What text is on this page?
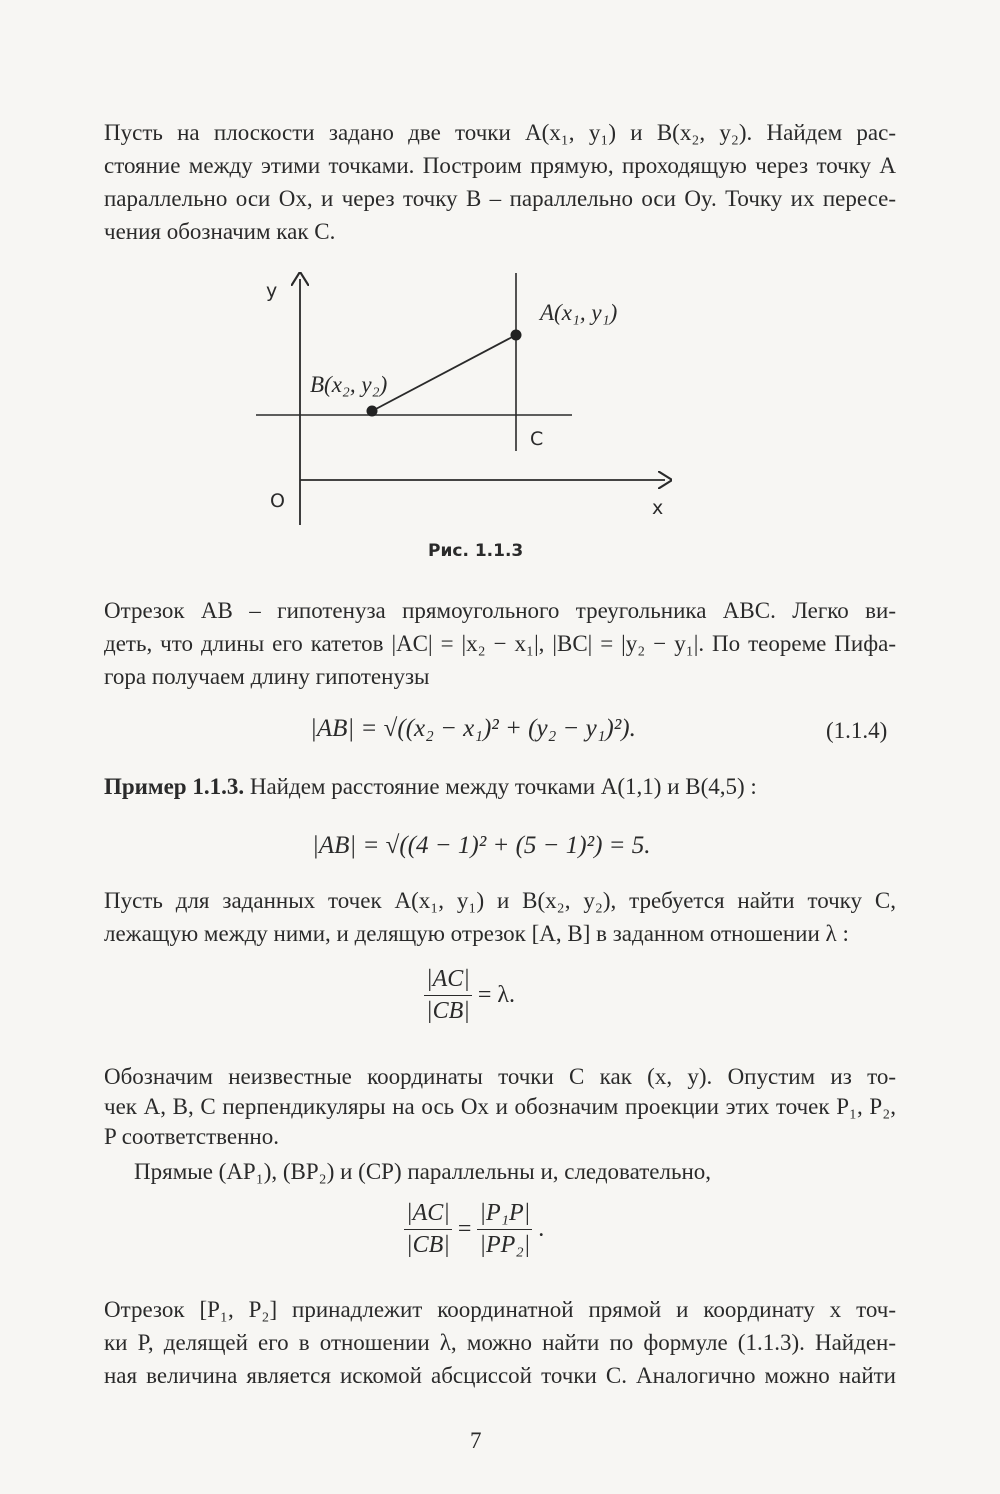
Пусть на плоскости задано две точки A(x₁, y₁) и B(x₂, y₂). Найдем рас-
стояние между этими точками. Построим прямую, проходящую через точку A
параллельно оси Ox, и через точку B – параллельно оси Oy. Точку их пересе-
чения обозначим как C.
y
x
O
A(x₁, y₁)
B(x₂, y₂)
C
Рис. 1.1.3
Отрезок AB – гипотенуза прямоугольного треугольника ABC. Легко ви-
деть, что длины его катетов |AC| = |x₂ − x₁|, |BC| = |y₂ − y₁|. По теореме Пифа-
гора получаем длину гипотенузы
|AB| = √((x₂ − x₁)² + (y₂ − y₁)²).	(1.1.4)
Пример 1.1.3. Найдем расстояние между точками A(1,1) и B(4,5) :
|AB| = √((4 − 1)² + (5 − 1)²) = 5.
Пусть для заданных точек A(x₁, y₁) и B(x₂, y₂), требуется найти точку C,
лежащую между ними, и делящую отрезок [A, B] в заданном отношении λ :
$\frac{|AC|}{|CB|} = \lambda$.
Обозначим неизвестные координаты точки C как (x, y). Опустим из то-
чек A, B, C перпендикуляры на ось Ox и обозначим проекции этих точек P₁, P₂,
P соответственно.
Прямые (AP₁), (BP₂) и (CP) параллельны и, следовательно,
$\frac{|AC|}{|CB|} = \frac{\text{|P₁P|}}{\text{|PP₂|}}$ .
Отрезок [P₁, P₂] принадлежит координатной прямой и координату x точ-
ки P, делящей его в отношении λ, можно найти по формуле (1.1.3). Найден-
ная величина является искомой абсциссой точки C. Аналогично можно найти
7
